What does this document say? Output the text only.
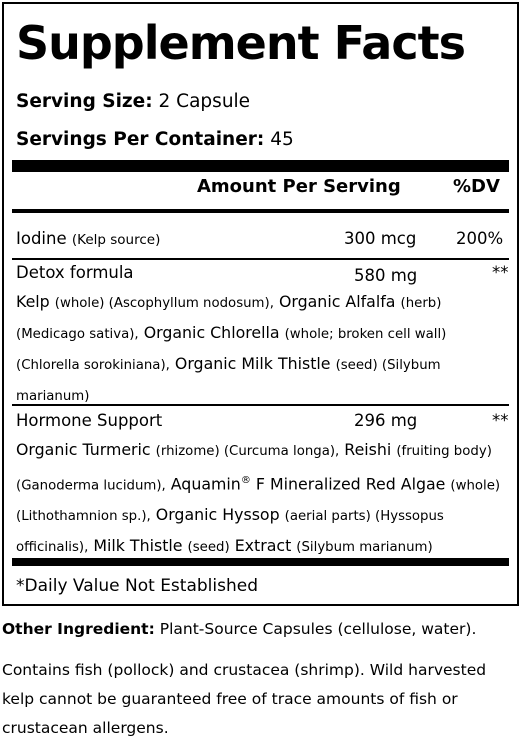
Supplement Facts
Serving Size: 2 Capsule
Servings Per Container: 45
Amount Per Serving	%DV
Iodine (Kelp source)	300 mcg 200%
Detox formula	580 mg	**
Kelp (whole) (Ascophyllum nodosum), Organic Alfalfa (herb) (Medicago sativa), Organic Chlorella (whole; broken cell wall) (Chlorella sorokiniana), Organic Milk Thistle (seed) (Silybum marianum)
Hormone Support	296 mg	**
Organic Turmeric (rhizome) (Curcuma longa), Reishi (fruiting body) (Ganoderma lucidum), Aquamin® F Mineralized Red Algae (whole) (Lithothamnion sp.), Organic Hyssop (aerial parts) (Hyssopus officinalis), Milk Thistle (seed) Extract (Silybum marianum)
*Daily Value Not Established
Other Ingredient: Plant-Source Capsules (cellulose, water).
Contains fish (pollock) and crustacea (shrimp). Wild harvested
kelp cannot be guaranteed free of trace amounts of fish or
crustacean allergens.
